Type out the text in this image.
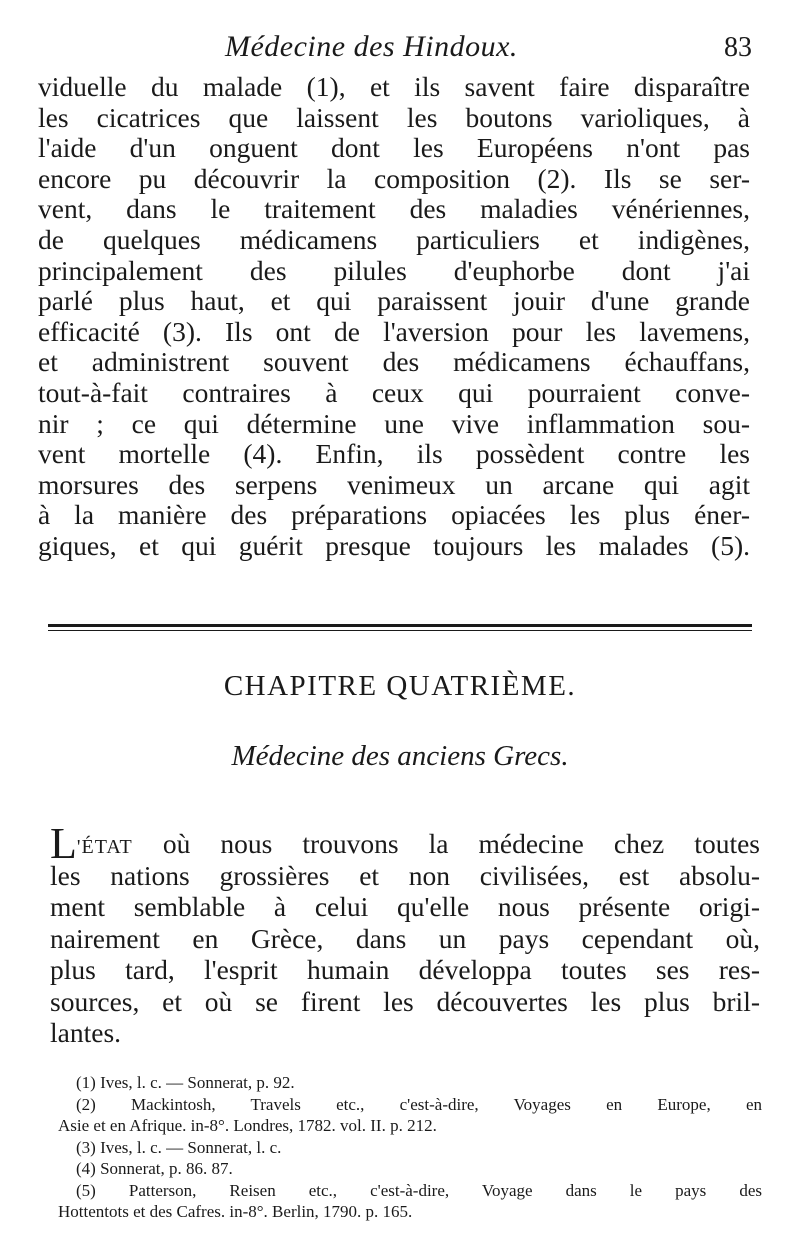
Médecine des Hindoux.	83
viduelle du malade (1), et ils savent faire disparaître
les cicatrices que laissent les boutons varioliques, à
l'aide d'un onguent dont les Européens n'ont pas
encore pu découvrir la composition (2). Ils se ser-
vent, dans le traitement des maladies vénériennes,
de quelques médicamens particuliers et indigènes,
principalement des pilules d'euphorbe dont j'ai
parlé plus haut, et qui paraissent jouir d'une grande
efficacité (3). Ils ont de l'aversion pour les lavemens,
et administrent souvent des médicamens échauffans,
tout-à-fait contraires à ceux qui pourraient conve-
nir ; ce qui détermine une vive inflammation sou-
vent mortelle (4). Enfin, ils possèdent contre les
morsures des serpens venimeux un arcane qui agit
à la manière des préparations opiacées les plus éner-
giques, et qui guérit presque toujours les malades (5).
CHAPITRE QUATRIÈME.
Médecine des anciens Grecs.
L'ÉTAT où nous trouvons la médecine chez toutes
les nations grossières et non civilisées, est absolu-
ment semblable à celui qu'elle nous présente origi-
nairement en Grèce, dans un pays cependant où,
plus tard, l'esprit humain développa toutes ses res-
sources, et où se firent les découvertes les plus bril-
lantes.
(1) Ives, l. c. — Sonnerat, p. 92.
(2) Mackintosh, Travels etc., c'est-à-dire, Voyages en Europe, en
Asie et en Afrique. in-8°. Londres, 1782. vol. II. p. 212.
(3) Ives, l. c. — Sonnerat, l. c.
(4) Sonnerat, p. 86. 87.
(5) Patterson, Reisen etc., c'est-à-dire, Voyage dans le pays des
Hottentots et des Cafres. in-8°. Berlin, 1790. p. 165.
